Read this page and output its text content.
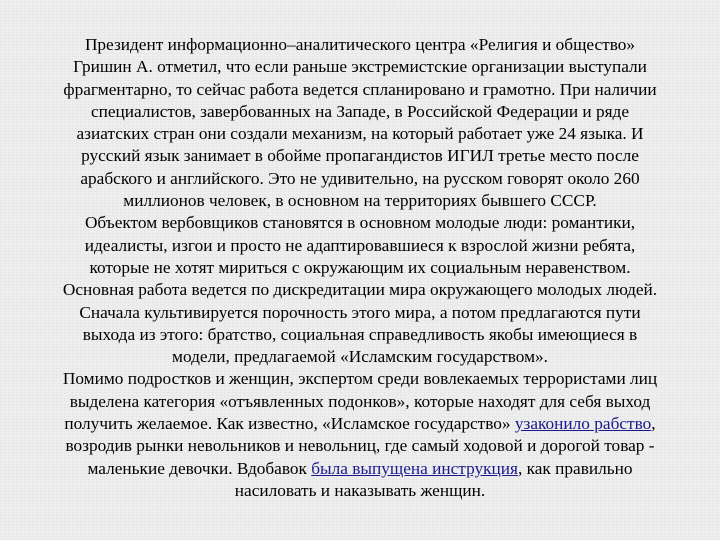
Президент информационно–аналитического центра «Религия и общество»
Гришин А. отметил, что если раньше экстремистские организации выступали
фрагментарно, то сейчас работа ведется спланировано и грамотно. При наличии
специалистов, завербованных на Западе, в Российской Федерации и ряде
азиатских стран они создали механизм, на который работает уже 24 языка. И
русский язык занимает в обойме пропагандистов ИГИЛ третье место после
арабского и английского. Это не удивительно, на русском говорят около 260
миллионов человек, в основном на территориях бывшего СССР.
Объектом вербовщиков становятся в основном молодые люди: романтики,
идеалисты, изгои и просто не адаптировавшиеся к взрослой жизни ребята,
которые не хотят мириться с окружающим их социальным неравенством.
Основная работа ведется по дискредитации мира окружающего молодых людей.
Сначала культивируется порочность этого мира, а потом предлагаются пути
выхода из этого: братство, социальная справедливость якобы имеющиеся в
модели, предлагаемой «Исламским государством».
Помимо подростков и женщин, экспертом среди вовлекаемых террористами лиц
выделена категория «отъявленных подонков», которые находят для себя выход
получить желаемое. Как известно, «Исламское государство» узаконило рабство,
возродив рынки невольников и невольниц, где самый ходовой и дорогой товар -
маленькие девочки. Вдобавок была выпущена инструкция, как правильно
насиловать и наказывать женщин.
